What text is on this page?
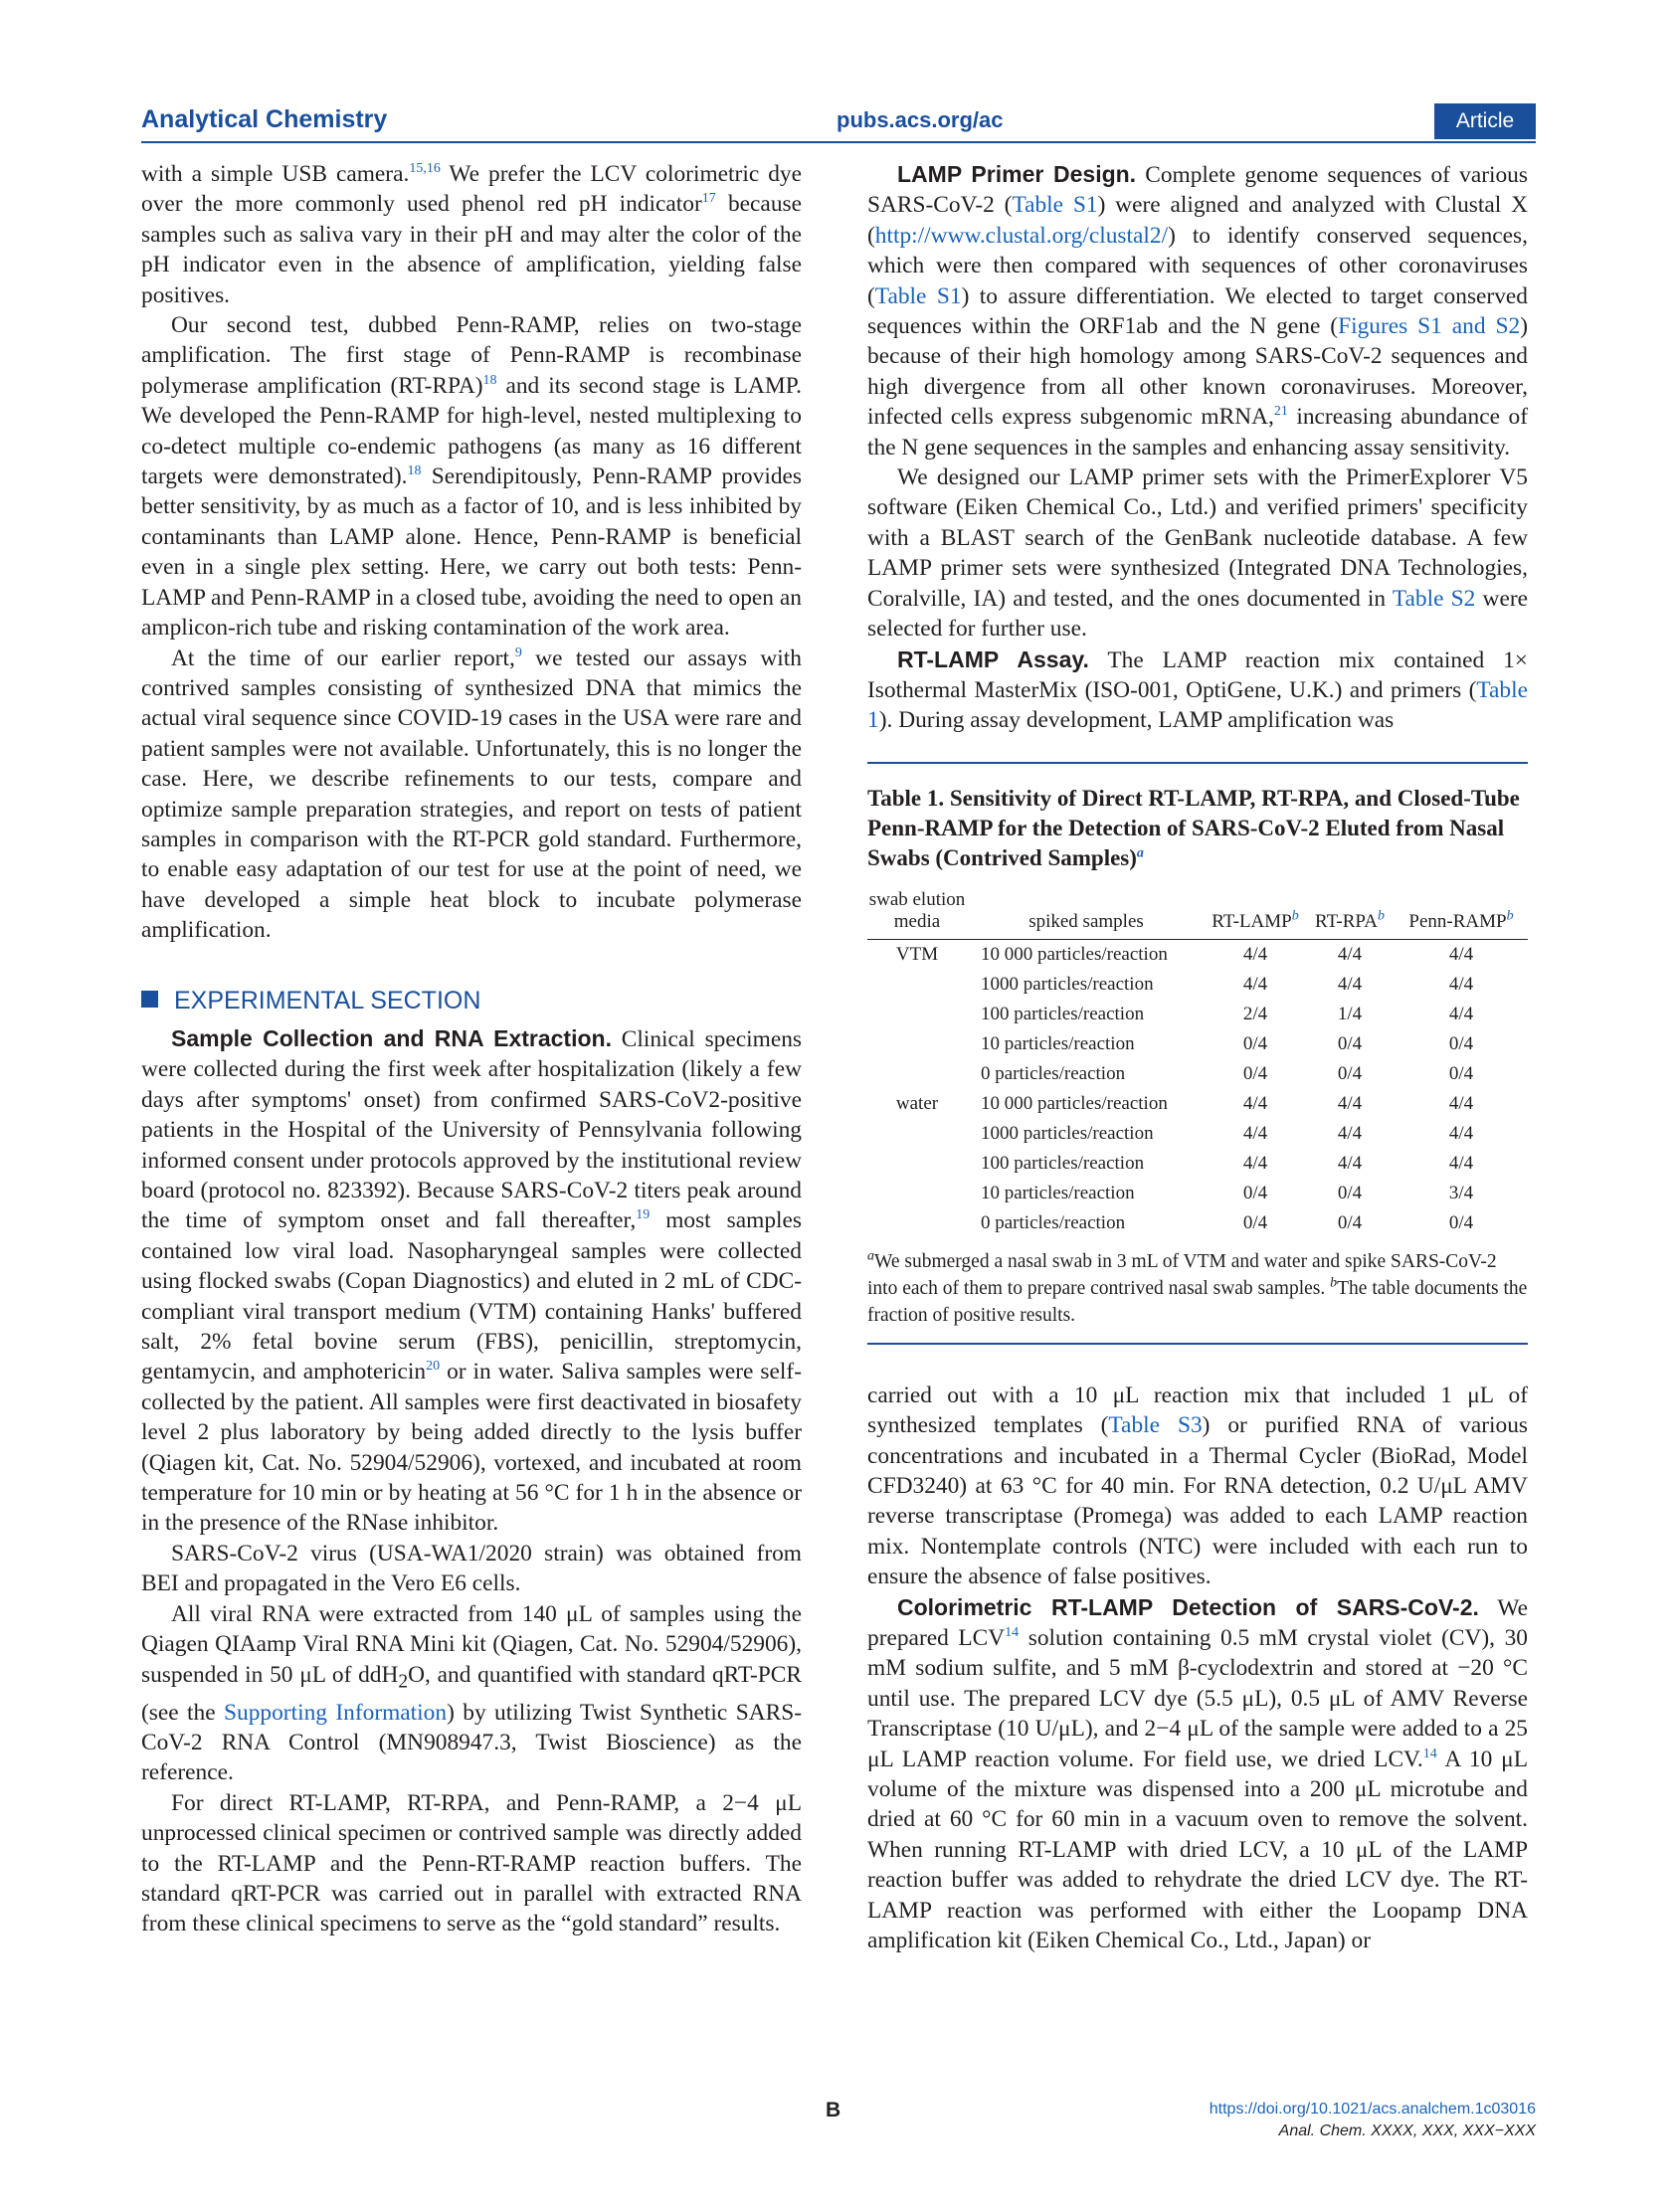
Analytical Chemistry	pubs.acs.org/ac	Article

with a simple USB camera.$^{15,16}$ We prefer the LCV colorimetric dye over the more commonly used phenol red pH indicator$^{17}$ because samples such as saliva vary in their pH and may alter the color of the pH indicator even in the absence of amplification, yielding false positives.

Our second test, dubbed Penn-RAMP, relies on two-stage amplification. The first stage of Penn-RAMP is recombinase polymerase amplification $(RT-RPA)^{18}$ and its second stage is LAMP. We developed the Penn-RAMP for high-level, nested multiplexing to co-detect multiple co-endemic pathogens (as many as 16 different targets were demonstrated).$^{18}$ Serendipitously, Penn-RAMP provides better sensitivity, by as much as a factor of 10, and is less inhibited by contaminants than LAMP alone. Hence, Penn-RAMP is beneficial even in a single plex setting. Here, we carry out both tests: Penn-LAMP and Penn-RAMP in a closed tube, avoiding the need to open an amplicon-rich tube and risking contamination of the work area.

At the time of our earlier report,$^9$ we tested our assays with contrived samples consisting of synthesized DNA that mimics the actual viral sequence since COVID-19 cases in the USA were rare and patient samples were not available. Unfortunately, this is no longer the case. Here, we describe refinements to our tests, compare and optimize sample preparation strategies, and report on tests of patient samples in comparison with the RT-PCR gold standard. Furthermore, to enable easy adaptation of our test for use at the point of need, we have developed a simple heat block to incubate polymerase amplification.

EXPERIMENTAL SECTION

Sample Collection and RNA Extraction. Clinical specimens were collected during the first week after hospitalization (likely a few days after symptoms' onset) from confirmed SARS-CoV2-positive patients in the Hospital of the University of Pennsylvania following informed consent under protocols approved by the institutional review board (protocol no. 823392). Because SARS-CoV-2 titers peak around the time of symptom onset and fall thereafter,$^{19}$ most samples contained low viral load. Nasopharyngeal samples were collected using flocked swabs (Copan Diagnostics) and eluted in 2 mL of CDC-compliant viral transport medium (VTM) containing Hanks' buffered salt, 2% fetal bovine serum (FBS), penicillin, streptomycin, gentamycin, and amphotericin$^{20}$ or in water. Saliva samples were self-collected by the patient. All samples were first deactivated in biosafety level 2 plus laboratory by being added directly to the lysis buffer (Qiagen kit, Cat. No. 52904/52906), vortexed, and incubated at room temperature for 10 min or by heating at 56 °C for 1 h in the absence or in the presence of the RNase inhibitor.

SARS-CoV-2 virus (USA-WA1/2020 strain) was obtained from BEI and propagated in the Vero E6 cells.

All viral RNA were extracted from 140 μL of samples using the Qiagen QIAamp Viral RNA Mini kit (Qiagen, Cat. No. 52904/52906), suspended in 50 μL of ddH$_2$O, and quantified with standard qRT-PCR (see the Supporting Information) by utilizing Twist Synthetic SARS-CoV-2 RNA Control (MN908947.3, Twist Bioscience) as the reference.

For direct RT-LAMP, RT-RPA, and Penn-RAMP, a 2−4 μL unprocessed clinical specimen or contrived sample was directly added to the RT-LAMP and the Penn-RT-RAMP reaction buffers. The standard qRT-PCR was carried out in parallel with extracted RNA from these clinical specimens to serve as the “gold standard” results.

LAMP Primer Design. Complete genome sequences of various SARS-CoV-2 (Table S1) were aligned and analyzed with Clustal X (http://www.clustal.org/clustal2/) to identify conserved sequences, which were then compared with sequences of other coronaviruses (Table S1) to assure differentiation. We elected to target conserved sequences within the ORF1ab and the N gene (Figures S1 and S2) because of their high homology among SARS-CoV-2 sequences and high divergence from all other known coronaviruses. Moreover, infected cells express subgenomic mRNA,$^{21}$ increasing abundance of the N gene sequences in the samples and enhancing assay sensitivity.

We designed our LAMP primer sets with the PrimerExplorer V5 software (Eiken Chemical Co., Ltd.) and verified primers' specificity with a BLAST search of the GenBank nucleotide database. A few LAMP primer sets were synthesized (Integrated DNA Technologies, Coralville, IA) and tested, and the ones documented in Table S2 were selected for further use.

RT-LAMP Assay. The LAMP reaction mix contained 1× Isothermal MasterMix (ISO-001, OptiGene, U.K.) and primers (Table 1). During assay development, LAMP amplification was

Table 1. Sensitivity of Direct RT-LAMP, RT-RPA, and Closed-Tube Penn-RAMP for the Detection of SARS-CoV-2 Eluted from Nasal Swabs (Contrived Samples)$^a$
swab elution media	spiked samples	RT-LAMP$^b$	RT-RPA$^b$	Penn-RAMP$^b$
VTM	10 000 particles/reaction	4/4	4/4	4/4
	1000 particles/reaction	4/4	4/4	4/4
	100 particles/reaction	2/4	1/4	4/4
	10 particles/reaction	0/4	0/4	0/4
	0 particles/reaction	0/4	0/4	0/4
water	10 000 particles/reaction	4/4	4/4	4/4
	1000 particles/reaction	4/4	4/4	4/4
	100 particles/reaction	4/4	4/4	4/4
	10 particles/reaction	0/4	0/4	3/4
	0 particles/reaction	0/4	0/4	0/4
$^a$We submerged a nasal swab in 3 mL of VTM and water and spike SARS-CoV-2 into each of them to prepare contrived nasal swab samples. $^b$The table documents the fraction of positive results.

carried out with a 10 μL reaction mix that included 1 μL of synthesized templates (Table S3) or purified RNA of various concentrations and incubated in a Thermal Cycler (BioRad, Model CFD3240) at 63 °C for 40 min. For RNA detection, 0.2 U/μL AMV reverse transcriptase (Promega) was added to each LAMP reaction mix. Nontemplate controls (NTC) were included with each run to ensure the absence of false positives.

Colorimetric RT-LAMP Detection of SARS-CoV-2. We prepared LCV$^{14}$ solution containing 0.5 mM crystal violet (CV), 30 mM sodium sulfite, and 5 mM β-cyclodextrin and stored at −20 °C until use. The prepared LCV dye (5.5 μL), 0.5 μL of AMV Reverse Transcriptase (10 U/μL), and 2−4 μL of the sample were added to a 25 μL LAMP reaction volume. For field use, we dried LCV.$^{14}$ A 10 μL volume of the mixture was dispensed into a 200 μL microtube and dried at 60 °C for 60 min in a vacuum oven to remove the solvent. When running RT-LAMP with dried LCV, a 10 μL of the LAMP reaction buffer was added to rehydrate the dried LCV dye. The RT-LAMP reaction was performed with either the Loopamp DNA amplification kit (Eiken Chemical Co., Ltd., Japan) or

B	https://doi.org/10.1021/acs.analchem.1c03016
Anal. Chem. XXXX, XXX, XXX−XXX
